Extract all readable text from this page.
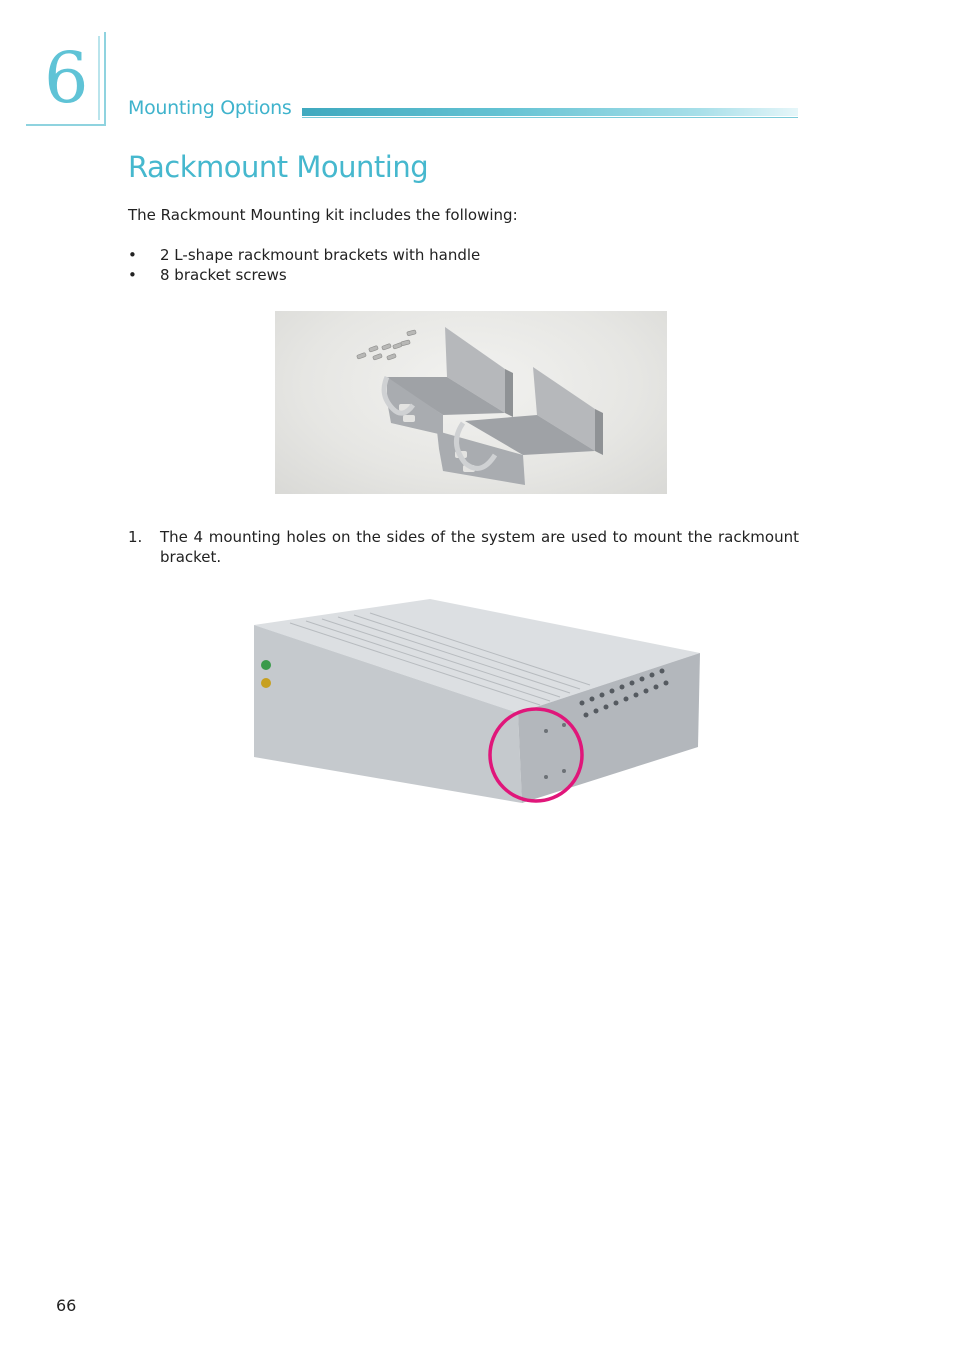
6 Mounting Options
Rackmount Mounting
The Rackmount Mounting kit includes the following:
• 2 L-shape rackmount brackets with handle
• 8 bracket screws
1. The 4 mounting holes on the sides of the system are used to mount the rackmount bracket.
66
